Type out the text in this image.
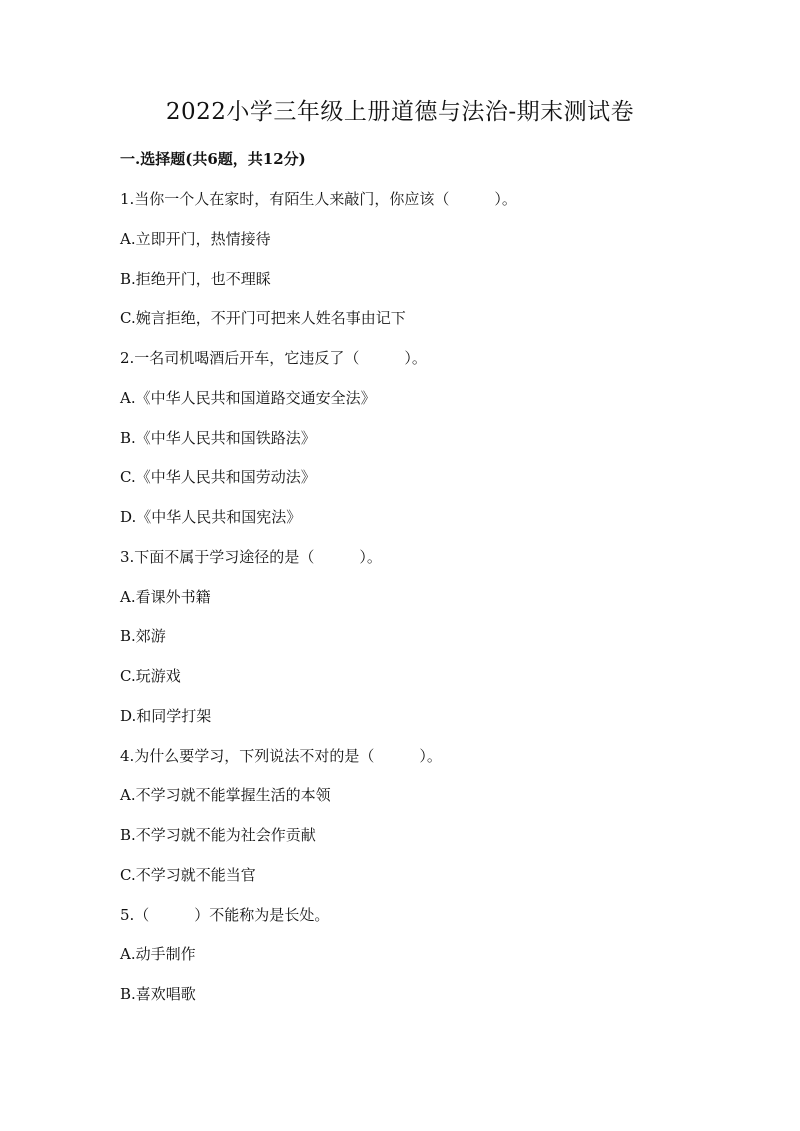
2022小学三年级上册道德与法治-期末测试卷
一.选择题(共6题，共12分)
1.当你一个人在家时，有陌生人来敲门，你应该（　　　）。
A.立即开门，热情接待
B.拒绝开门，也不理睬
C.婉言拒绝，不开门可把来人姓名事由记下
2.一名司机喝酒后开车，它违反了（　　　）。
A.《中华人民共和国道路交通安全法》
B.《中华人民共和国铁路法》
C.《中华人民共和国劳动法》
D.《中华人民共和国宪法》
3.下面不属于学习途径的是（　　　）。
A.看课外书籍
B.郊游
C.玩游戏
D.和同学打架
4.为什么要学习，下列说法不对的是（　　　）。
A.不学习就不能掌握生活的本领
B.不学习就不能为社会作贡献
C.不学习就不能当官
5.（　　　）不能称为是长处。
A.动手制作
B.喜欢唱歌
